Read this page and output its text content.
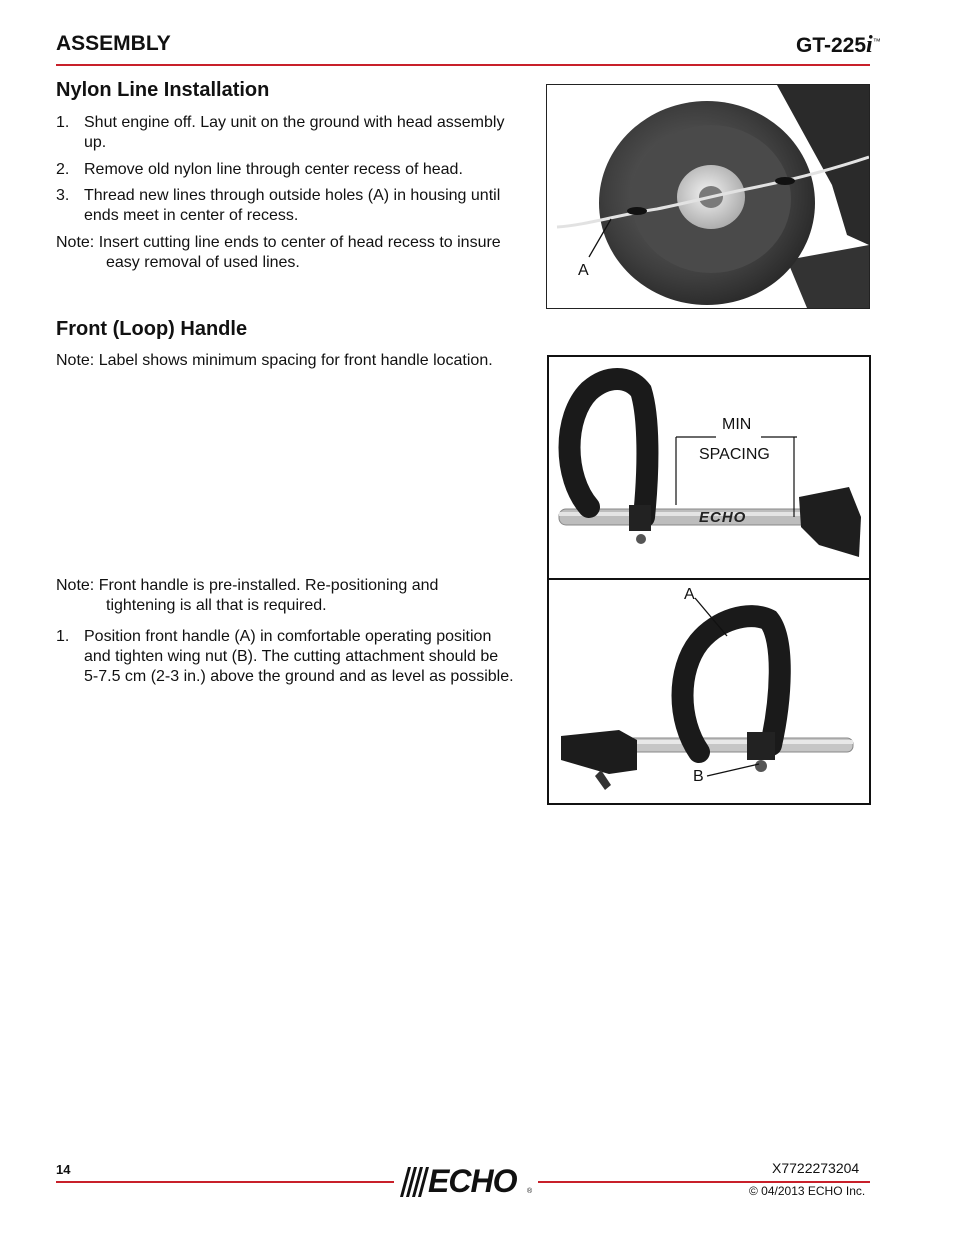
ASSEMBLY	GT-225i™
Nylon Line Installation
1. Shut engine off. Lay unit on the ground with head assembly
up.
2. Remove old nylon line through center recess of head.
3. Thread new lines through outside holes (A) in housing until
ends meet in center of recess.
Note: Insert cutting line ends to center of head recess to insure
easy removal of used lines.	A
Front (Loop) Handle
Note: Label shows minimum spacing for front handle location.
ECHO
MIN
SPACING
A
B
Note: Front handle is pre-installed. Re-positioning and
tightening is all that is required.
1. Position front handle (A) in comfortable operating position
and tighten wing nut (B). The cutting attachment should be
5-7.5 cm (2-3 in.) above the ground and as level as possible.
14	X7722273204
ECHO ®	© 04/2013 ECHO Inc.
